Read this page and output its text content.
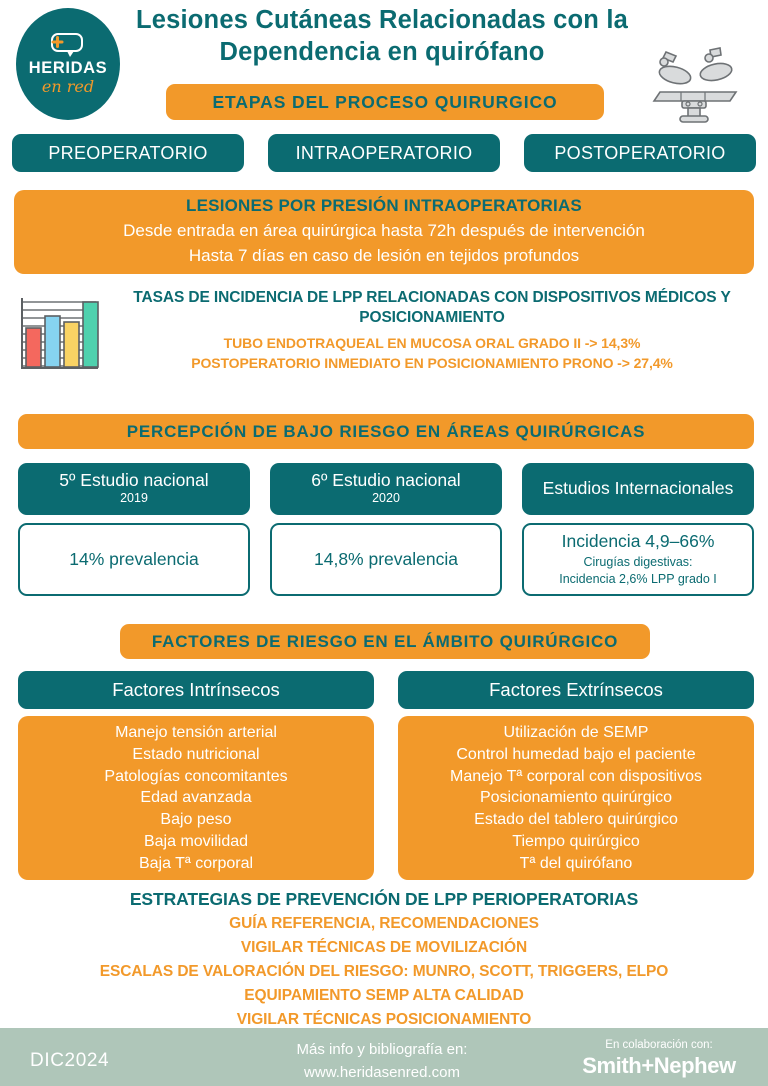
HERIDAS
en red
Lesiones Cutáneas Relacionadas con la
Dependencia en quirófano
ETAPAS DEL PROCESO QUIRURGICO
PREOPERATORIO	INTRAOPERATORIO	POSTOPERATORIO
LESIONES POR PRESIÓN INTRAOPERATORIAS
Desde entrada en área quirúrgica hasta 72h después de intervención
Hasta 7 días en caso de lesión en tejidos profundos
TASAS DE INCIDENCIA DE LPP RELACIONADAS CON DISPOSITIVOS MÉDICOS Y POSICIONAMIENTO
TUBO ENDOTRAQUEAL EN MUCOSA ORAL GRADO II -> 14,3%
POSTOPERATORIO INMEDIATO EN POSICIONAMIENTO PRONO -> 27,4%
PERCEPCIÓN DE BAJO RIESGO EN ÁREAS QUIRÚRGICAS
5º Estudio nacional
2019
14% prevalencia
6º Estudio nacional
2020
14,8% prevalencia
Estudios Internacionales
Incidencia 4,9–66%
Cirugías digestivas:
Incidencia 2,6% LPP grado I
FACTORES DE RIESGO EN EL ÁMBITO QUIRÚRGICO
Factores Intrínsecos
Manejo tensión arterial
Estado nutricional
Patologías concomitantes
Edad avanzada
Bajo peso
Baja movilidad
Baja Tª corporal
Factores Extrínsecos
Utilización de SEMP
Control humedad bajo el paciente
Manejo Tª corporal con dispositivos
Posicionamiento quirúrgico
Estado del tablero quirúrgico
Tiempo quirúrgico
Tª del quirófano
ESTRATEGIAS DE PREVENCIÓN DE LPP PERIOPERATORIAS
GUÍA REFERENCIA, RECOMENDACIONES
VIGILAR TÉCNICAS DE MOVILIZACIÓN
ESCALAS DE VALORACIÓN DEL RIESGO: MUNRO, SCOTT, TRIGGERS, ELPO
EQUIPAMIENTO SEMP ALTA CALIDAD
VIGILAR TÉCNICAS POSICIONAMIENTO
DIC2024
Más info y bibliografía en:
www.heridasenred.com
En colaboración con:
Smith+Nephew
